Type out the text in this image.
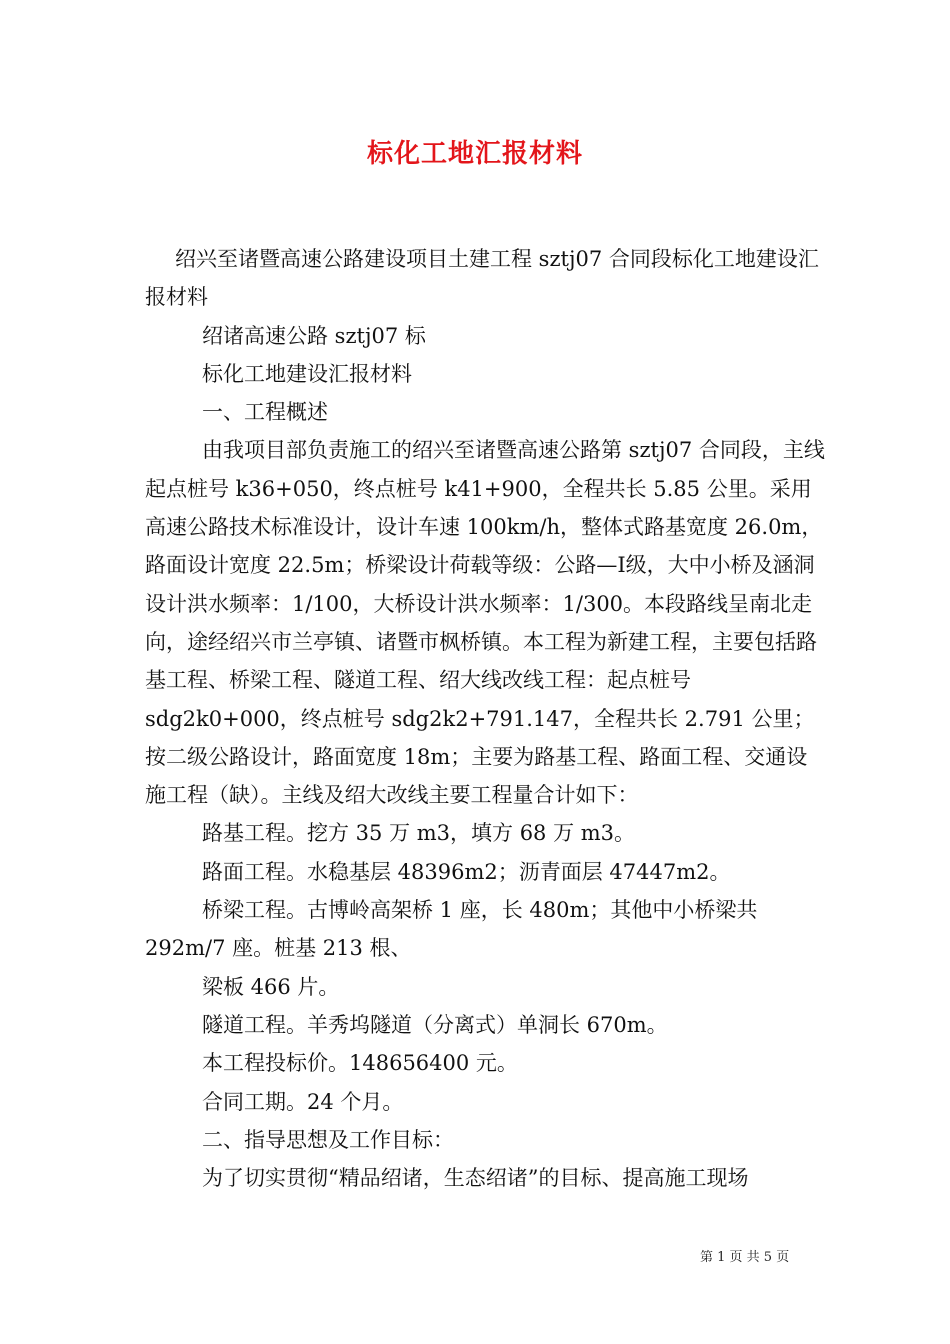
标化工地汇报材料

绍兴至诸暨高速公路建设项目土建工程 sztj07 合同段标化工地建设汇报材料

绍诸高速公路 sztj07 标

标化工地建设汇报材料

一、工程概述

由我项目部负责施工的绍兴至诸暨高速公路第 sztj07 合同段，主线起点桩号 k36+050，终点桩号 k41+900，全程共长 5.85 公里。采用高速公路技术标准设计，设计车速 100km/h，整体式路基宽度 26.0m，路面设计宽度 22.5m；桥梁设计荷载等级：公路—Ⅰ级，大中小桥及涵洞设计洪水频率：1/100，大桥设计洪水频率：1/300。本段路线呈南北走向，途经绍兴市兰亭镇、诸暨市枫桥镇。本工程为新建工程，主要包括路基工程、桥梁工程、隧道工程、绍大线改线工程：起点桩号 sdg2k0+000，终点桩号 sdg2k2+791.147，全程共长 2.791 公里；按二级公路设计，路面宽度 18m；主要为路基工程、路面工程、交通设施工程（缺）。主线及绍大改线主要工程量合计如下：

路基工程。挖方 35 万 m3，填方 68 万 m3。

路面工程。水稳基层 48396m2；沥青面层 47447m2。

桥梁工程。古博岭高架桥 1 座，长 480m；其他中小桥梁共 292m/7 座。桩基 213 根、

梁板 466 片。

隧道工程。羊秀坞隧道（分离式）单洞长 670m。

本工程投标价。148656400 元。

合同工期。24 个月。

二、指导思想及工作目标：

为了切实贯彻“精品绍诸，生态绍诸”的目标、提高施工现场

第 1 页 共 5 页
